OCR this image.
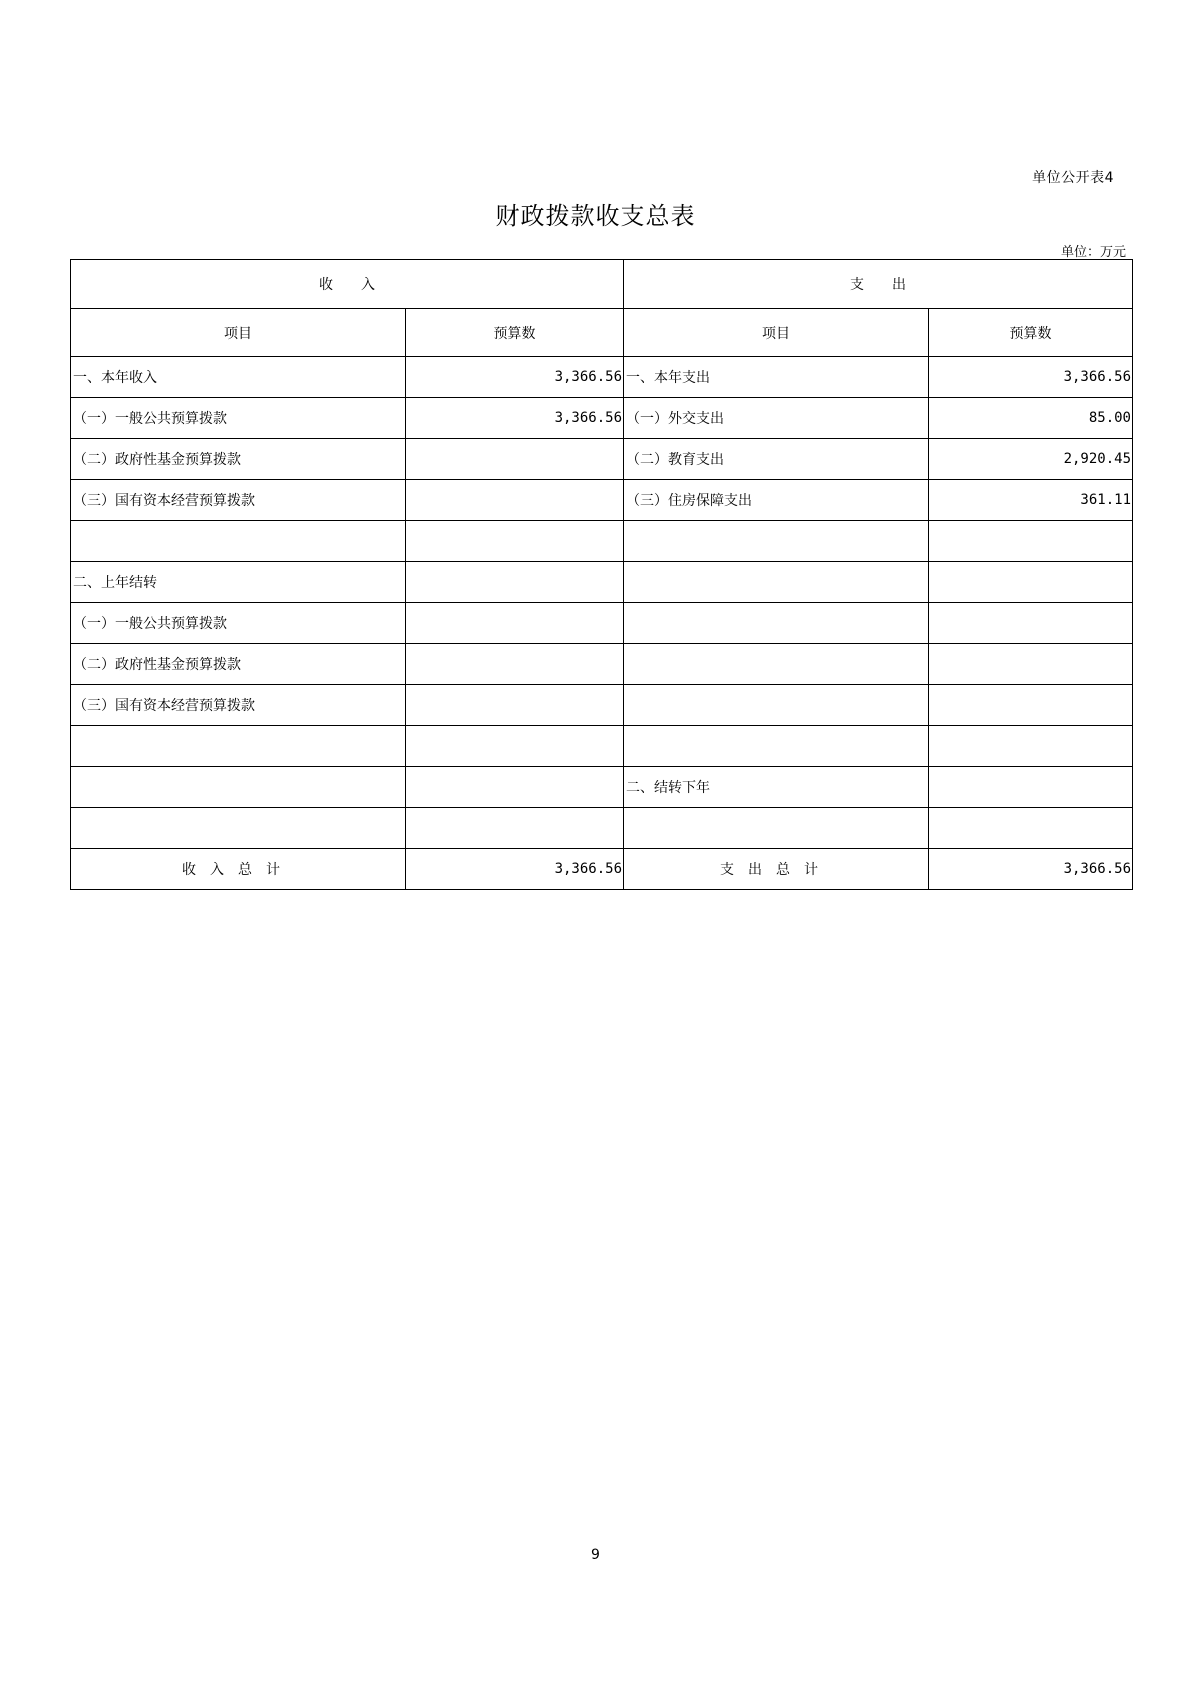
单位公开表4
财政拨款收支总表
单位：万元
收　　入		支　　出	
项目	预算数	项目	预算数
一、本年收入	3,366.56	一、本年支出	3,366.56
（一）一般公共预算拨款	3,366.56	（一）外交支出	85.00
（二）政府性基金预算拨款		（二）教育支出	2,920.45
（三）国有资本经营预算拨款		（三）住房保障支出	361.11

二、上年结转			
（一）一般公共预算拨款			
（二）政府性基金预算拨款			
（三）国有资本经营预算拨款			

		二、结转下年	

收入总计	3,366.56	支出总计	3,366.56
9
